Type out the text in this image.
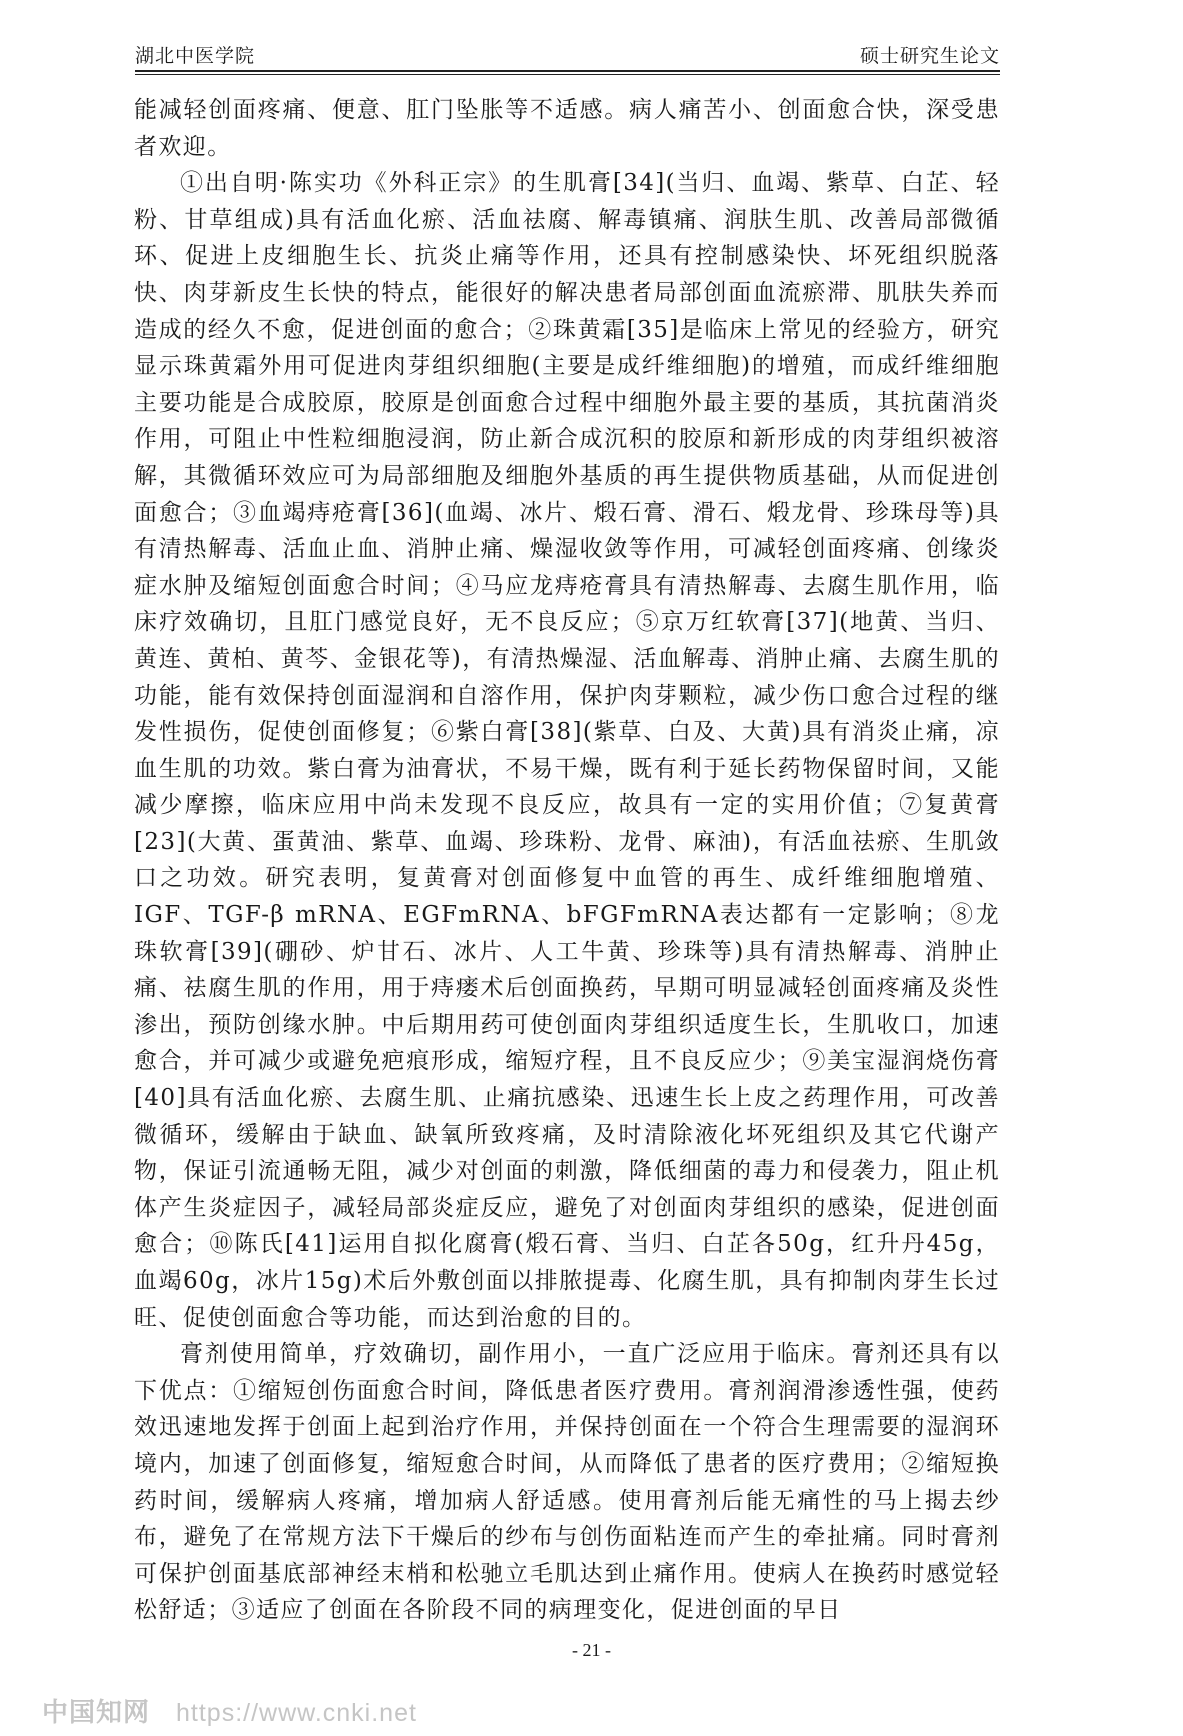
湖北中医学院	硕士研究生论文

能减轻创面疼痛、便意、肛门坠胀等不适感。病人痛苦小、创面愈合快，深受患者欢迎。

①出自明·陈实功《外科正宗》的生肌膏[34](当归、血竭、紫草、白芷、轻粉、甘草组成)具有活血化瘀、活血祛腐、解毒镇痛、润肤生肌、改善局部微循环、促进上皮细胞生长、抗炎止痛等作用，还具有控制感染快、坏死组织脱落快、肉芽新皮生长快的特点，能很好的解决患者局部创面血流瘀滞、肌肤失养而造成的经久不愈，促进创面的愈合；②珠黄霜[35]是临床上常见的经验方，研究显示珠黄霜外用可促进肉芽组织细胞(主要是成纤维细胞)的增殖，而成纤维细胞主要功能是合成胶原，胶原是创面愈合过程中细胞外最主要的基质，其抗菌消炎作用，可阻止中性粒细胞浸润，防止新合成沉积的胶原和新形成的肉芽组织被溶解，其微循环效应可为局部细胞及细胞外基质的再生提供物质基础，从而促进创面愈合；③血竭痔疮膏[36](血竭、冰片、煅石膏、滑石、煅龙骨、珍珠母等)具有清热解毒、活血止血、消肿止痛、燥湿收敛等作用，可减轻创面疼痛、创缘炎症水肿及缩短创面愈合时间；④马应龙痔疮膏具有清热解毒、去腐生肌作用，临床疗效确切，且肛门感觉良好，无不良反应；⑤京万红软膏[37](地黄、当归、黄连、黄柏、黄芩、金银花等)，有清热燥湿、活血解毒、消肿止痛、去腐生肌的功能，能有效保持创面湿润和自溶作用，保护肉芽颗粒，减少伤口愈合过程的继发性损伤，促使创面修复；⑥紫白膏[38](紫草、白及、大黄)具有消炎止痛，凉血生肌的功效。紫白膏为油膏状，不易干燥，既有利于延长药物保留时间，又能减少摩擦，临床应用中尚未发现不良反应，故具有一定的实用价值；⑦复黄膏[23](大黄、蛋黄油、紫草、血竭、珍珠粉、龙骨、麻油)，有活血祛瘀、生肌敛口之功效。研究表明，复黄膏对创面修复中血管的再生、成纤维细胞增殖、IGF、TGF-β mRNA、EGFmRNA、bFGFmRNA表达都有一定影响；⑧龙珠软膏[39](硼砂、炉甘石、冰片、人工牛黄、珍珠等)具有清热解毒、消肿止痛、祛腐生肌的作用，用于痔瘘术后创面换药，早期可明显减轻创面疼痛及炎性渗出，预防创缘水肿。中后期用药可使创面肉芽组织适度生长，生肌收口，加速愈合，并可减少或避免疤痕形成，缩短疗程，且不良反应少；⑨美宝湿润烧伤膏[40]具有活血化瘀、去腐生肌、止痛抗感染、迅速生长上皮之药理作用，可改善微循环，缓解由于缺血、缺氧所致疼痛，及时清除液化坏死组织及其它代谢产物，保证引流通畅无阻，减少对创面的刺激，降低细菌的毒力和侵袭力，阻止机体产生炎症因子，减轻局部炎症反应，避免了对创面肉芽组织的感染，促进创面愈合；⑩陈氏[41]运用自拟化腐膏(煅石膏、当归、白芷各50g，红升丹45g，血竭60g，冰片15g)术后外敷创面以排脓提毒、化腐生肌，具有抑制肉芽生长过旺、促使创面愈合等功能，而达到治愈的目的。

膏剂使用简单，疗效确切，副作用小，一直广泛应用于临床。膏剂还具有以下优点：①缩短创伤面愈合时间，降低患者医疗费用。膏剂润滑渗透性强，使药效迅速地发挥于创面上起到治疗作用，并保持创面在一个符合生理需要的湿润环境内，加速了创面修复，缩短愈合时间，从而降低了患者的医疗费用；②缩短换药时间，缓解病人疼痛，增加病人舒适感。使用膏剂后能无痛性的马上揭去纱布，避免了在常规方法下干燥后的纱布与创伤面粘连而产生的牵扯痛。同时膏剂可保护创面基底部神经末梢和松驰立毛肌达到止痛作用。使病人在换药时感觉轻松舒适；③适应了创面在各阶段不同的病理变化，促进创面的早日

- 21 -
中国知网 https://www.cnki.net
